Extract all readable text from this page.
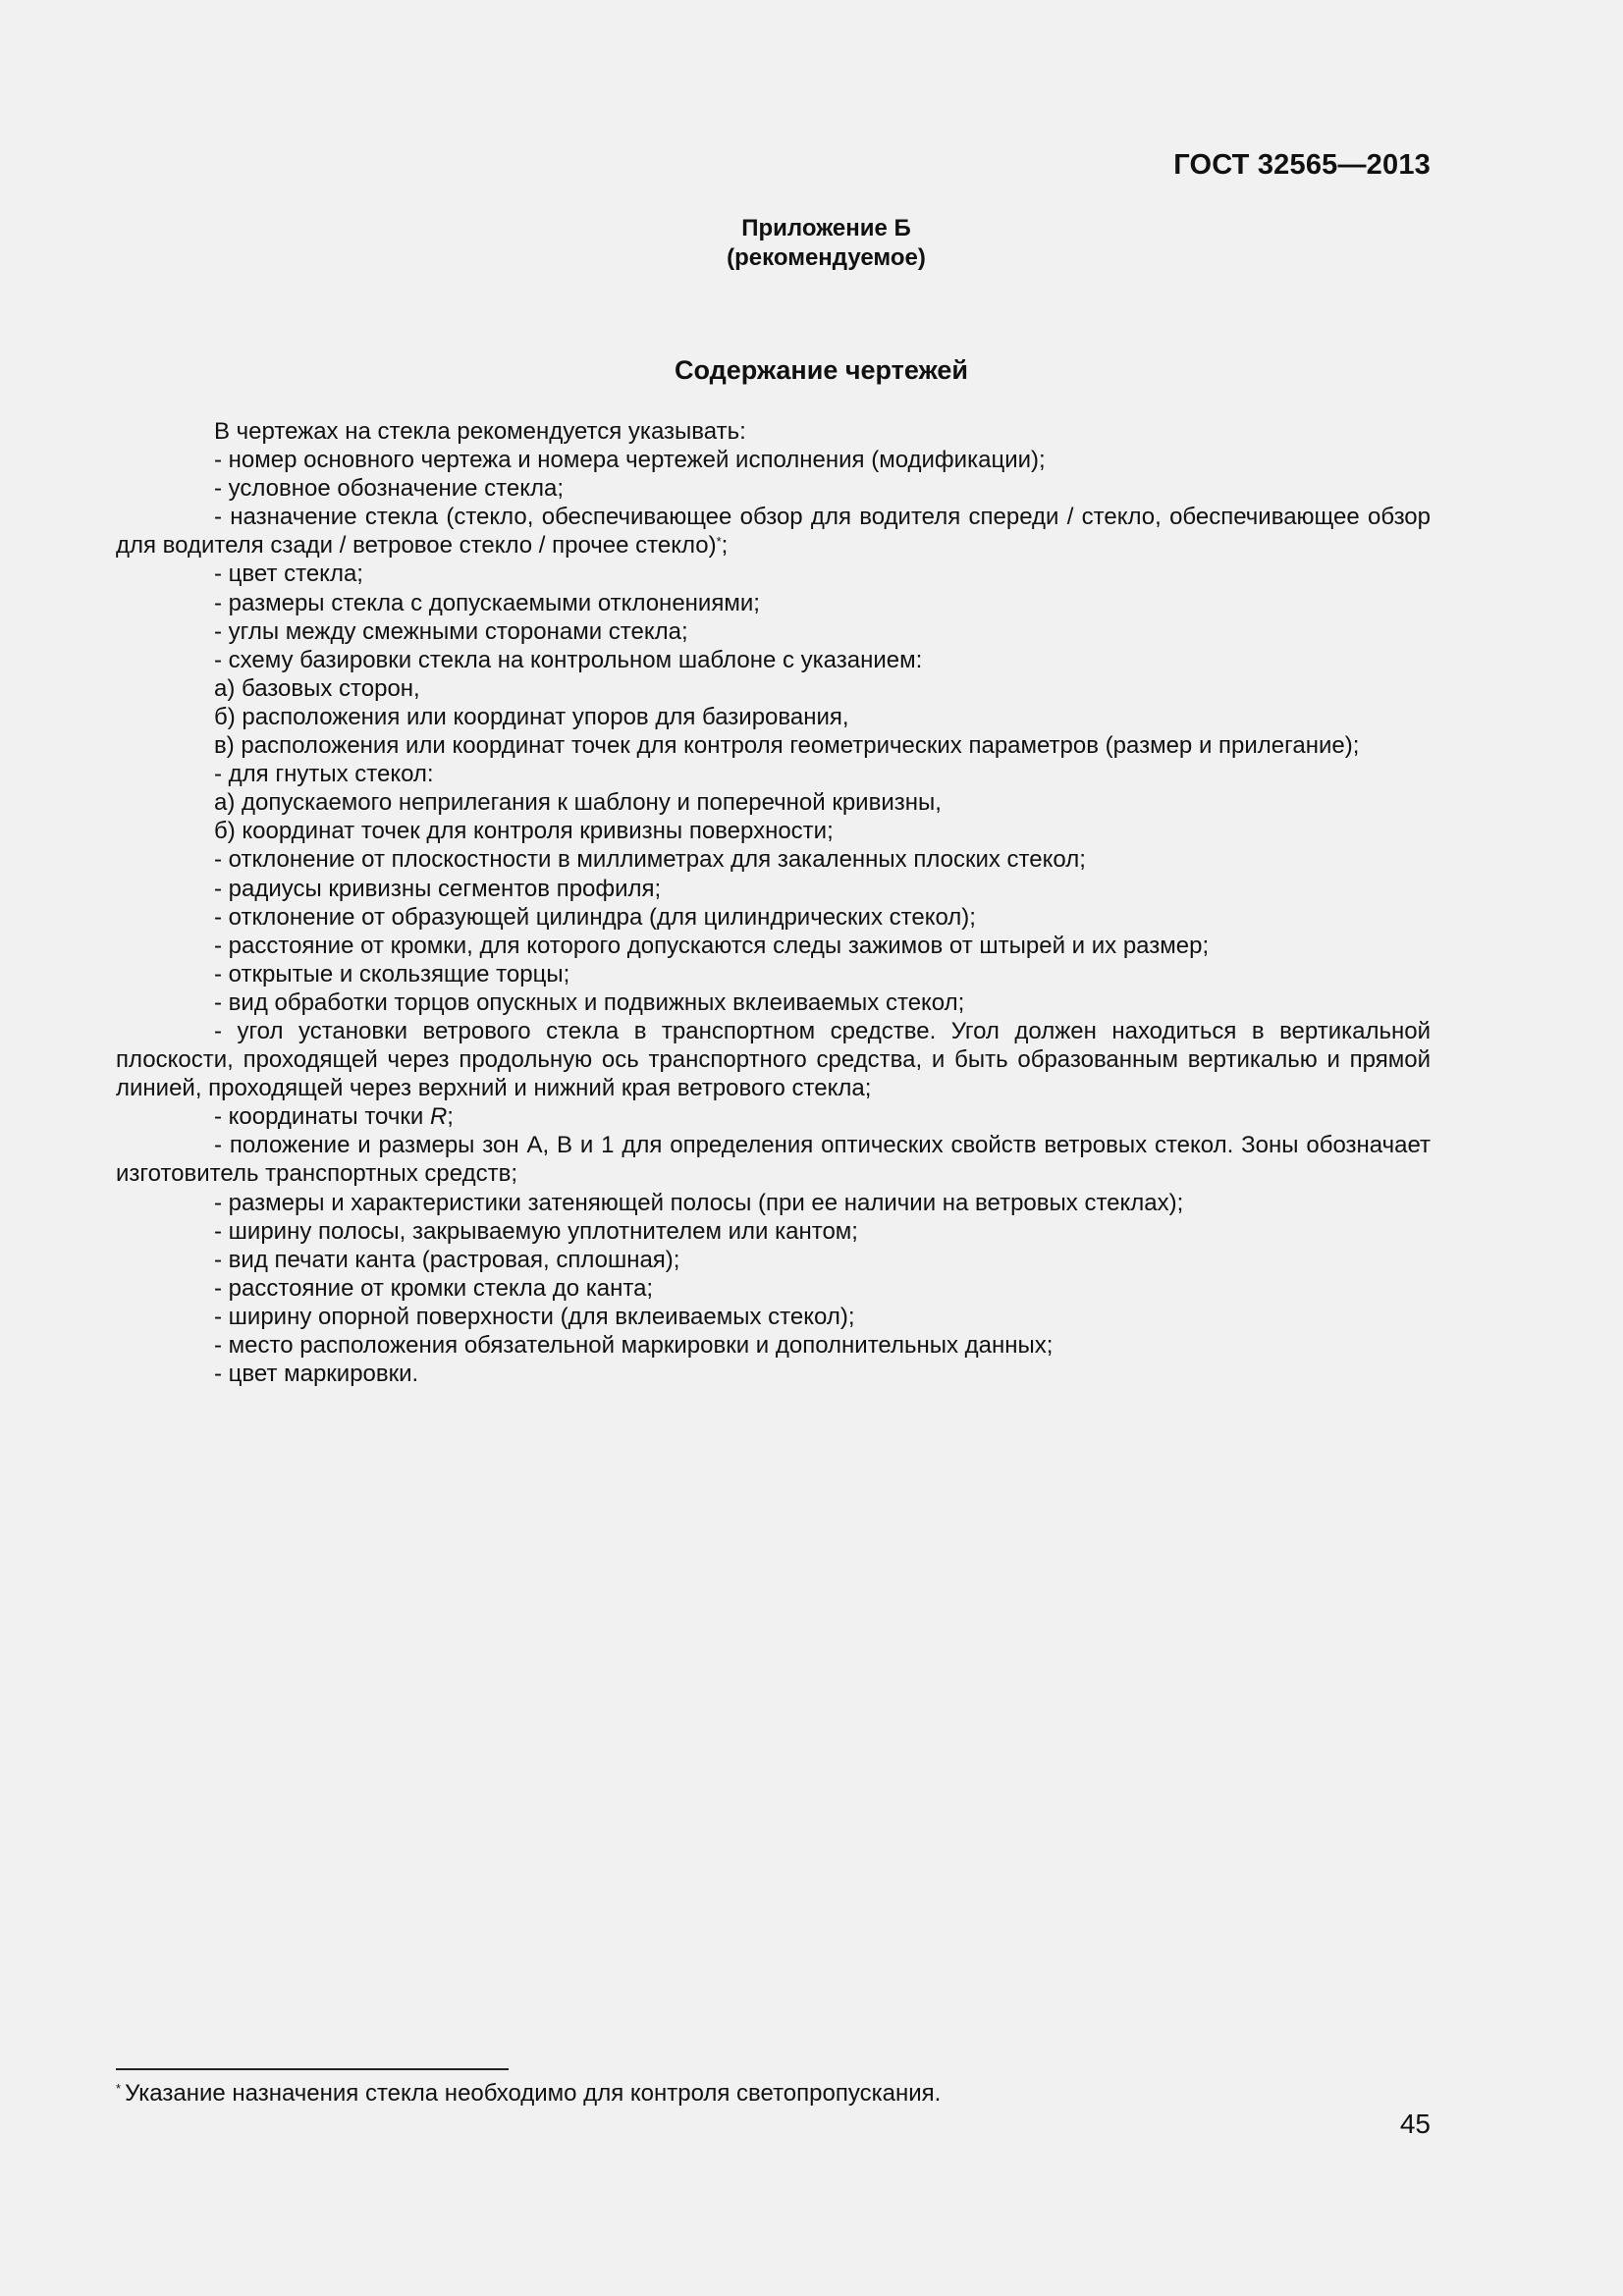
ГОСТ 32565—2013
Приложение Б
(рекомендуемое)
Содержание чертежей

В чертежах на стекла рекомендуется указывать:

- номер основного чертежа и номера чертежей исполнения (модификации);

- условное обозначение стекла;

- назначение стекла (стекло, обеспечивающее обзор для водителя спереди / стекло, обеспечивающее обзор для водителя сзади / ветровое стекло / прочее стекло)*;

- цвет стекла;

- размеры стекла с допускаемыми отклонениями;

- углы между смежными сторонами стекла;

- схему базировки стекла на контрольном шаблоне с указанием:

а) базовых сторон,

б) расположения или координат упоров для базирования,

в) расположения или координат точек для контроля геометрических параметров (размер и прилегание);

- для гнутых стекол:

а) допускаемого неприлегания к шаблону и поперечной кривизны,

б) координат точек для контроля кривизны поверхности;

- отклонение от плоскостности в миллиметрах для закаленных плоских стекол;

- радиусы кривизны сегментов профиля;

- отклонение от образующей цилиндра (для цилиндрических стекол);

- расстояние от кромки, для которого допускаются следы зажимов от штырей и их размер;

- открытые и скользящие торцы;

- вид обработки торцов опускных и подвижных вклеиваемых стекол;

- угол установки ветрового стекла в транспортном средстве. Угол должен находиться в вертикальной плоскости, проходящей через продольную ось транспортного средства, и быть образованным вертикалью и прямой линией, проходящей через верхний и нижний края ветрового стекла;

- координаты точки R;

- положение и размеры зон А, В и 1 для определения оптических свойств ветровых стекол. Зоны обозначает изготовитель транспортных средств;

- размеры и характеристики затеняющей полосы (при ее наличии на ветровых стеклах);

- ширину полосы, закрываемую уплотнителем или кантом;

- вид печати канта (растровая, сплошная);

- расстояние от кромки стекла до канта;

- ширину опорной поверхности (для вклеиваемых стекол);

- место расположения обязательной маркировки и дополнительных данных;

- цвет маркировки.

* Указание назначения стекла необходимо для контроля светопропускания.
45
